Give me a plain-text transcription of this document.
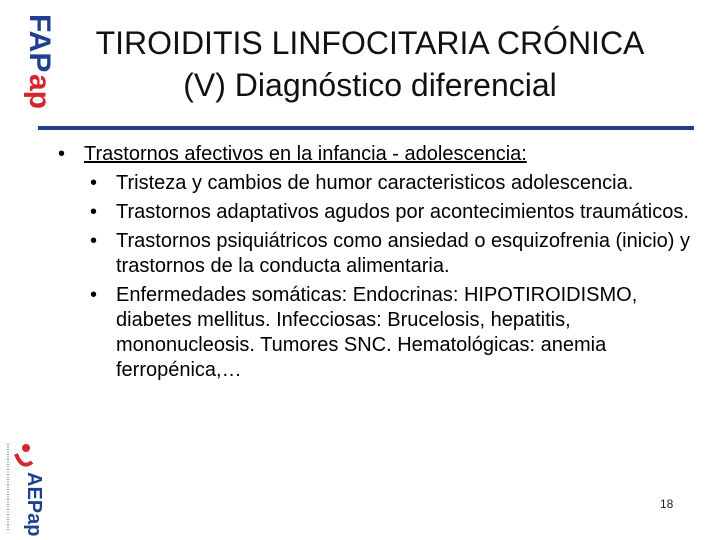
FAP
ap
TIROIDITIS LINFOCITARIA CRÓNICA
(V) Diagnóstico diferencial

• Trastornos afectivos en la infancia - adolescencia:

• Tristeza y cambios de humor caracteristicos adolescencia.

• Trastornos adaptativos agudos por acontecimientos traumáticos.

• Trastornos psiquiátricos como ansiedad o esquizofrenia (inicio) y trastornos de la conducta alimentaria.

• Enfermedades somáticas: Endocrinas: HIPOTIROIDISMO, diabetes mellitus. Infecciosas: Brucelosis, hepatitis, mononucleosis. Tumores SNC. Hematológicas: anemia ferropénica,…

18
AEPap
